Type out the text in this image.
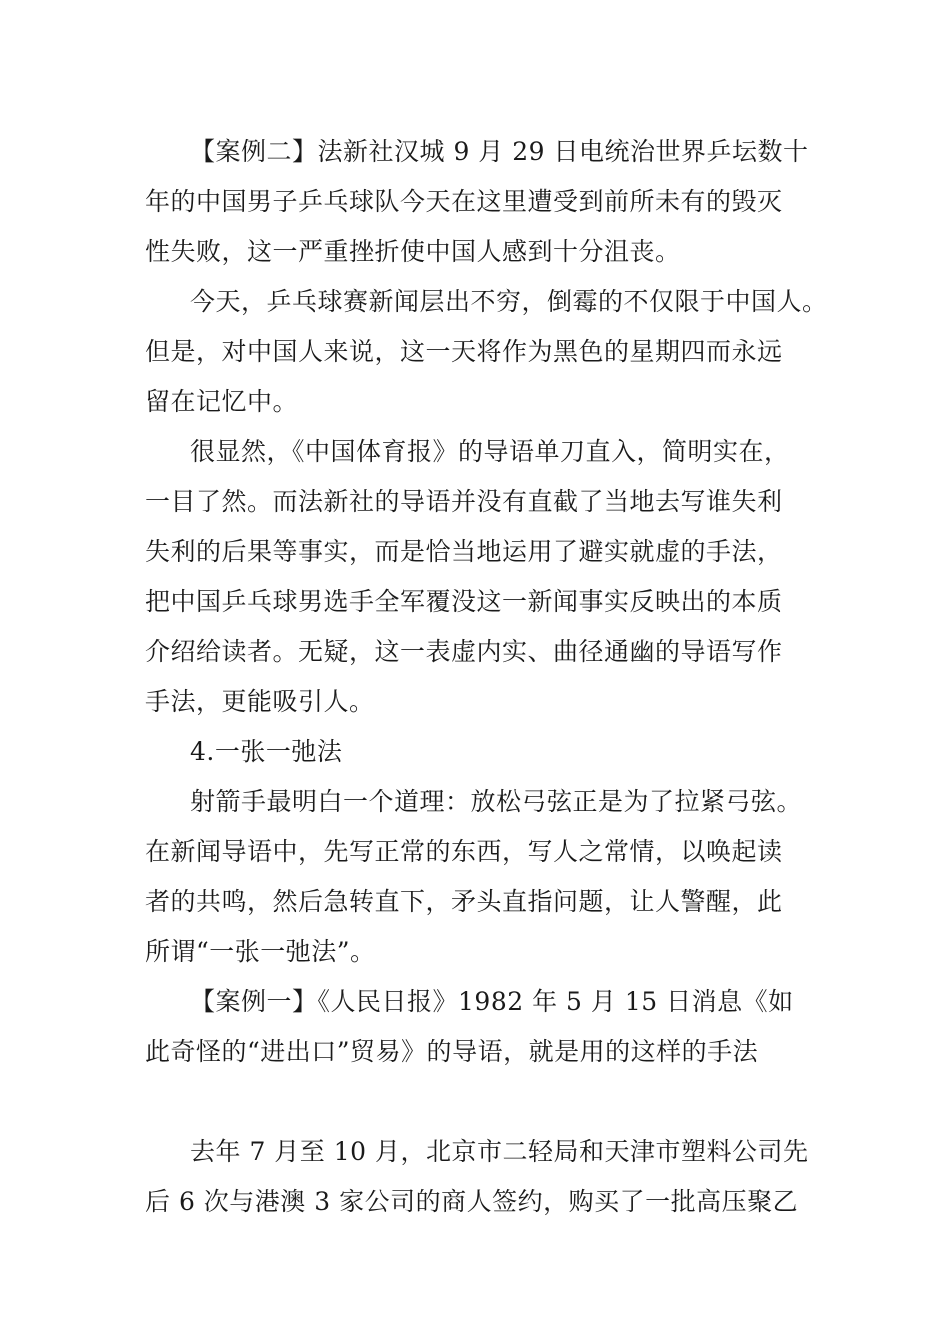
【案例二】法新社汉城 9 月 29 日电统治世界乒坛数十
年的中国男子乒乓球队今天在这里遭受到前所未有的毁灭
性失败，这一严重挫折使中国人感到十分沮丧。
今天，乒乓球赛新闻层出不穷，倒霉的不仅限于中国人。
但是，对中国人来说，这一天将作为黑色的星期四而永远
留在记忆中。
很显然，《中国体育报》的导语单刀直入，简明实在，
一目了然。而法新社的导语并没有直截了当地去写谁失利
失利的后果等事实，而是恰当地运用了避实就虚的手法，
把中国乒乓球男选手全军覆没这一新闻事实反映出的本质
介绍给读者。无疑，这一表虚内实、曲径通幽的导语写作
手法，更能吸引人。
4.一张一弛法
射箭手最明白一个道理：放松弓弦正是为了拉紧弓弦。
在新闻导语中，先写正常的东西，写人之常情，以唤起读
者的共鸣，然后急转直下，矛头直指问题，让人警醒，此
所谓“一张一弛法”。
【案例一】《人民日报》1982 年 5 月 15 日消息《如
此奇怪的“进出口”贸易》的导语，就是用的这样的手法
去年 7 月至 10 月，北京市二轻局和天津市塑料公司先
后 6 次与港澳 3 家公司的商人签约，购买了一批高压聚乙
